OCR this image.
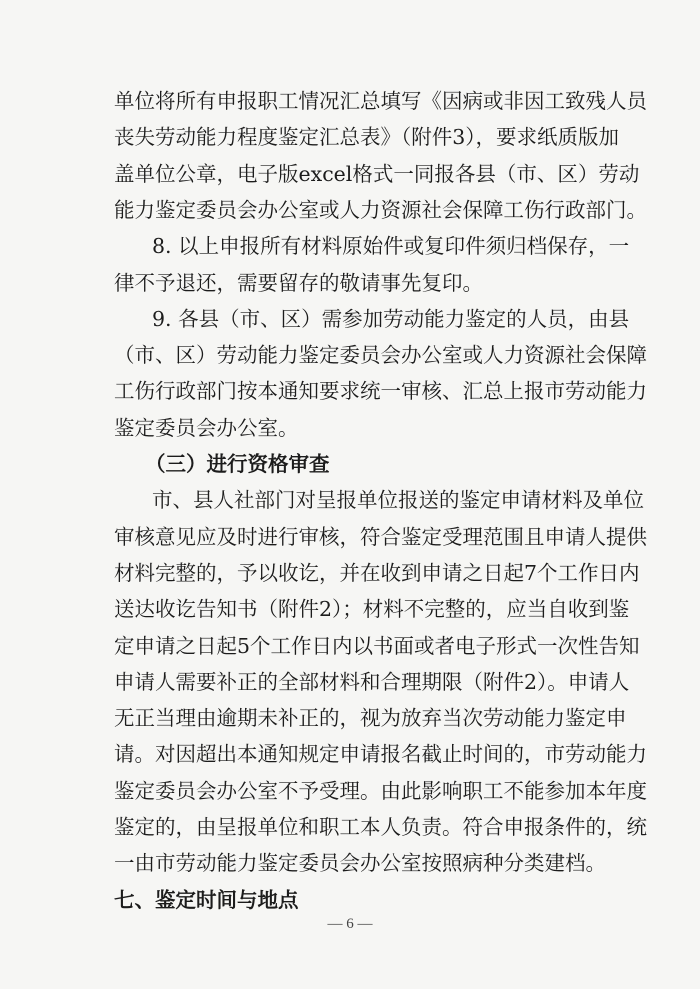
单位将所有申报职工情况汇总填写《因病或非因工致残人员
丧失劳动能力程度鉴定汇总表》（附件3），要求纸质版加
盖单位公章，电子版excel格式一同报各县（市、区）劳动
能力鉴定委员会办公室或人力资源社会保障工伤行政部门。
8. 以上申报所有材料原始件或复印件须归档保存，一
律不予退还，需要留存的敬请事先复印。
9. 各县（市、区）需参加劳动能力鉴定的人员，由县
（市、区）劳动能力鉴定委员会办公室或人力资源社会保障
工伤行政部门按本通知要求统一审核、汇总上报市劳动能力
鉴定委员会办公室。
（三）进行资格审查
市、县人社部门对呈报单位报送的鉴定申请材料及单位
审核意见应及时进行审核，符合鉴定受理范围且申请人提供
材料完整的，予以收讫，并在收到申请之日起7个工作日内
送达收讫告知书（附件2）；材料不完整的，应当自收到鉴
定申请之日起5个工作日内以书面或者电子形式一次性告知
申请人需要补正的全部材料和合理期限（附件2）。申请人
无正当理由逾期未补正的，视为放弃当次劳动能力鉴定申
请。对因超出本通知规定申请报名截止时间的，市劳动能力
鉴定委员会办公室不予受理。由此影响职工不能参加本年度
鉴定的，由呈报单位和职工本人负责。符合申报条件的，统
一由市劳动能力鉴定委员会办公室按照病种分类建档。
七、鉴定时间与地点
— 6 —
